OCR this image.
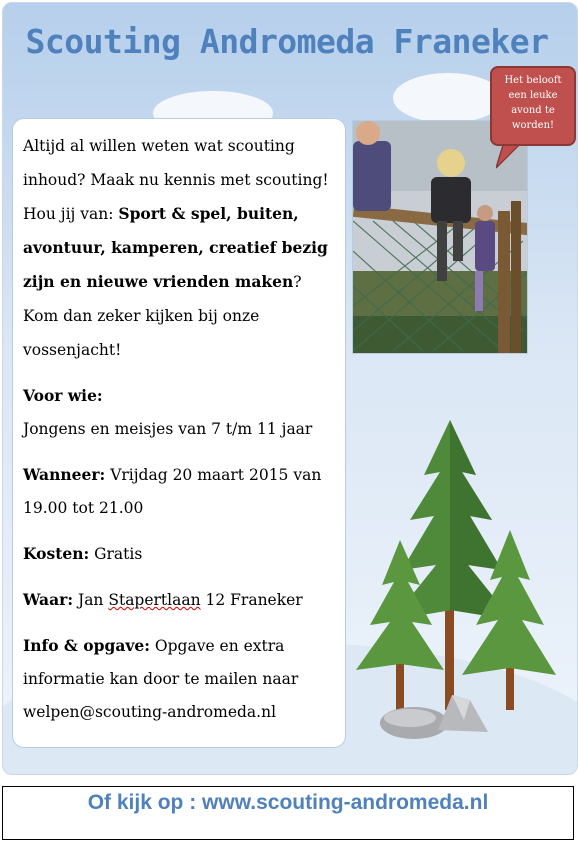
Scouting Andromeda Franeker

Altijd al willen weten wat scouting inhoud? Maak nu kennis met scouting! Hou jij van: Sport & spel, buiten, avontuur, kamperen, creatief bezig zijn en nieuwe vrienden maken? Kom dan zeker kijken bij onze vossenjacht!

Voor wie:

Jongens en meisjes van 7 t/m 11 jaar

Wanneer: Vrijdag 20 maart 2015 van 19.00 tot 21.00

Kosten: Gratis

Waar: Jan Stapertlaan 12 Franeker

Info & opgave: Opgave en extra informatie kan door te mailen naar welpen@scouting-andromeda.nl

Het belooft een leuke avond te worden!
Of kijk op : www.scouting-andromeda.nl
